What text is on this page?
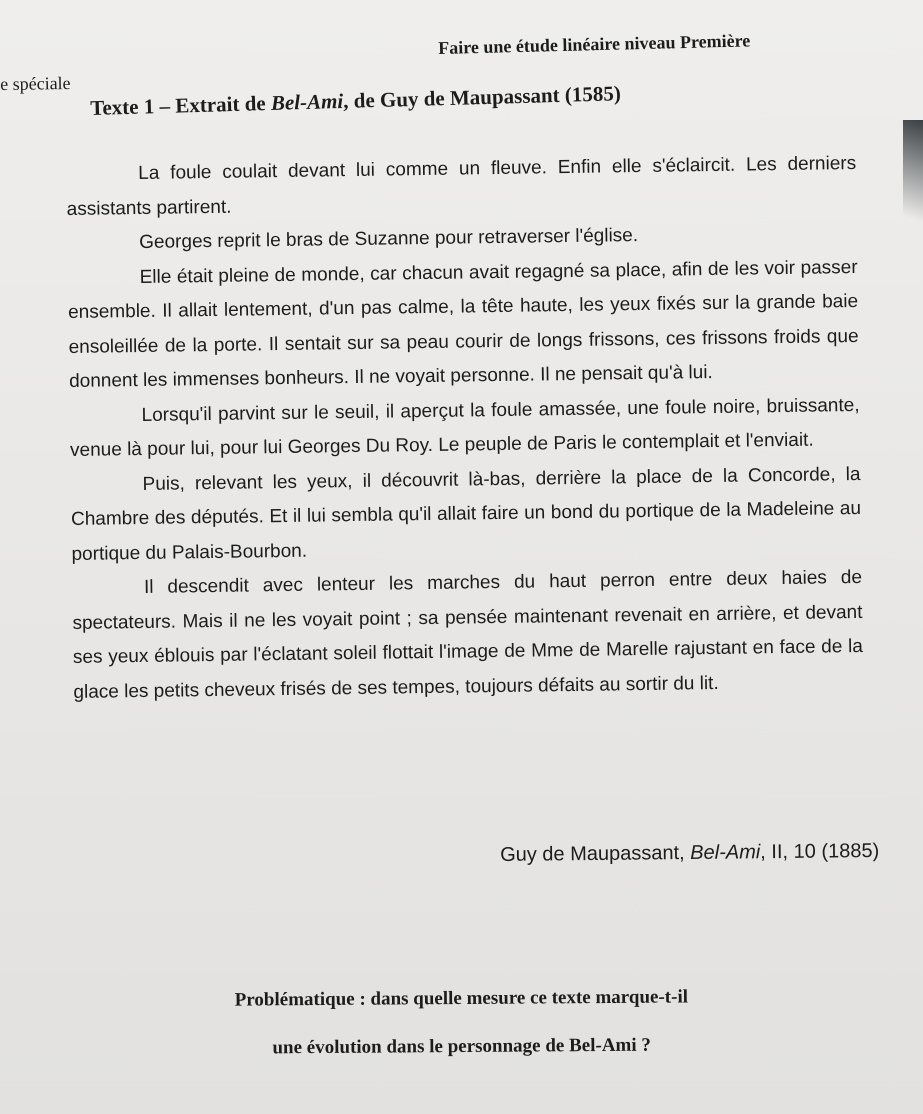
Faire une étude linéaire niveau Première
e spéciale
Texte 1 – Extrait de Bel-Ami, de Guy de Maupassant (1585)

La foule coulait devant lui comme un fleuve. Enfin elle s'éclaircit. Les derniers assistants partirent.

Georges reprit le bras de Suzanne pour retraverser l'église.

Elle était pleine de monde, car chacun avait regagné sa place, afin de les voir passer ensemble. Il allait lentement, d'un pas calme, la tête haute, les yeux fixés sur la grande baie ensoleillée de la porte. Il sentait sur sa peau courir de longs frissons, ces frissons froids que donnent les immenses bonheurs. Il ne voyait personne. Il ne pensait qu'à lui.

Lorsqu'il parvint sur le seuil, il aperçut la foule amassée, une foule noire, bruissante, venue là pour lui, pour lui Georges Du Roy. Le peuple de Paris le contemplait et l'enviait.

Puis, relevant les yeux, il découvrit là-bas, derrière la place de la Concorde, la Chambre des députés. Et il lui sembla qu'il allait faire un bond du portique de la Madeleine au portique du Palais-Bourbon.

Il descendit avec lenteur les marches du haut perron entre deux haies de spectateurs. Mais il ne les voyait point ; sa pensée maintenant revenait en arrière, et devant ses yeux éblouis par l'éclatant soleil flottait l'image de Mme de Marelle rajustant en face de la glace les petits cheveux frisés de ses tempes, toujours défaits au sortir du lit.

Guy de Maupassant, Bel-Ami, II, 10 (1885)
Problématique : dans quelle mesure ce texte marque-t-il
une évolution dans le personnage de Bel-Ami ?
